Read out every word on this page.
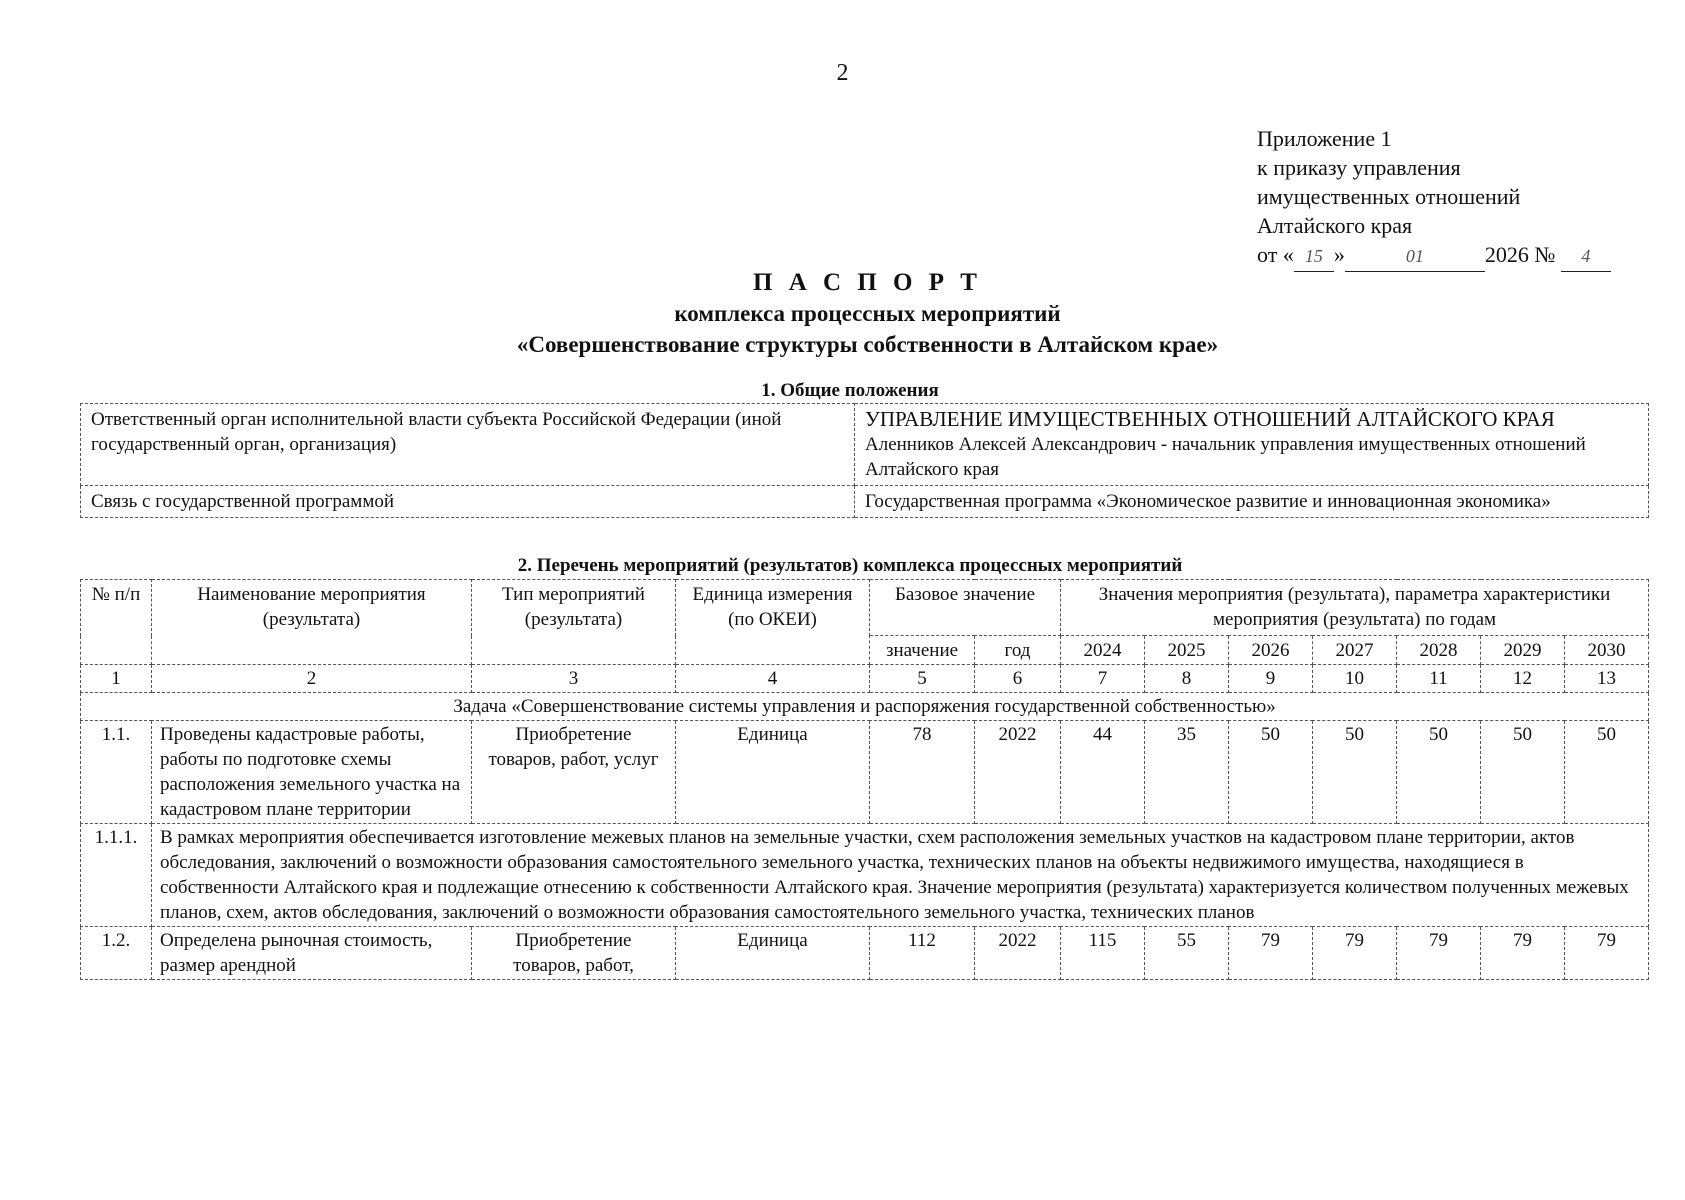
2
Приложение 1
к приказу управления
имущественных отношений
Алтайского края
от « 15 »	01	2026 № 4
П А С П О Р Т
комплекса процессных мероприятий
«Совершенствование структуры собственности в Алтайском крае»
1. Общие положения
Ответственный орган исполнительной власти субъекта Российской Федерации (иной государственный орган, организация)	УПРАВЛЕНИЕ ИМУЩЕСТВЕННЫХ ОТНОШЕНИЙ АЛТАЙСКОГО КРАЯ
Аленников Алексей Александрович - начальник управления имущественных отношений Алтайского края

Связь с государственной программой	Государственная программа «Экономическое развитие и инновационная экономика»
2. Перечень мероприятий (результатов) комплекса процессных мероприятий
№ п/п	Наименование мероприятия (результата)	Тип мероприятий (результата)	Единица измерения (по ОКЕИ)	Базовое значение		Значения мероприятия (результата), параметра характеристики мероприятия (результата) по годам						
				значение	год	2024	2025	2026	2027	2028	2029	2030
1	2	3	4	5	6	7	8	9	10	11	12	13
Задача «Совершенствование системы управления и распоряжения государственной собственностью»												
1.1.	Проведены кадастровые работы, работы по подготовке схемы расположения земельного участка на кадастровом плане территории	Приобретение товаров, работ, услуг	Единица	78	2022	44	35	50	50	50	50	50
1.1.1.	В рамках мероприятия обеспечивается изготовление межевых планов на земельные участки, схем расположения земельных участков на кадастровом плане территории, актов обследования, заключений о возможности образования самостоятельного земельного участка, технических планов на объекты недвижимого имущества, находящиеся в собственности Алтайского края и подлежащие отнесению к собственности Алтайского края. Значение мероприятия (результата) характеризуется количеством полученных межевых планов, схем, актов обследования, заключений о возможности образования самостоятельного земельного участка, технических планов											
1.2.	Определена рыночная стоимость, размер арендной	Приобретение товаров, работ,	Единица	112	2022	115	55	79	79	79	79	79
